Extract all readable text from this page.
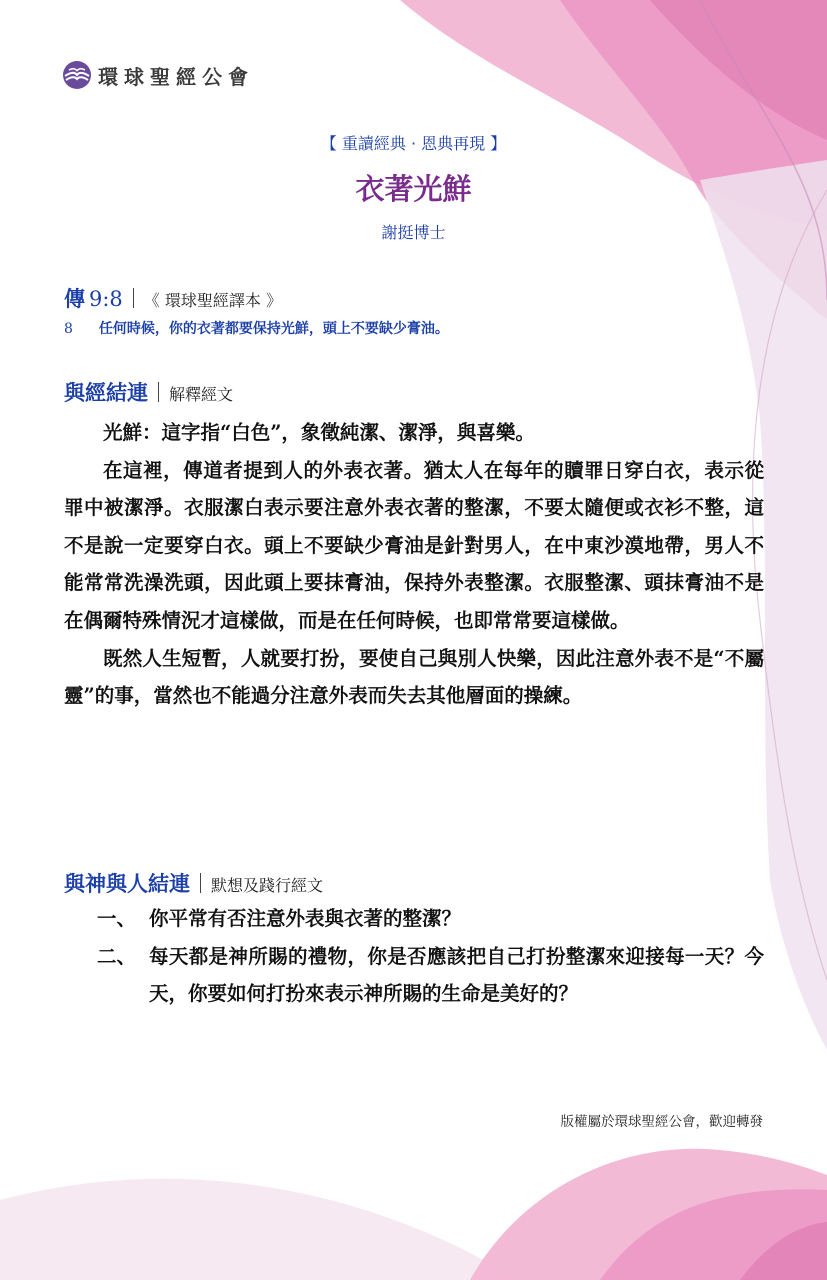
環球聖經公會
【 重讀經典 · 恩典再現 】
衣著光鮮
謝挺博士
傳 9:8 《 環球聖經譯本 》
8 任何時候，你的衣著都要保持光鮮，頭上不要缺少膏油。
與經結連 解釋經文

光鮮：這字指“白色”，象徵純潔、潔淨，與喜樂。

在這裡，傳道者提到人的外表衣著。猶太人在每年的贖罪日穿白衣，表示從罪中被潔淨。衣服潔白表示要注意外表衣著的整潔，不要太隨便或衣衫不整，這不是說一定要穿白衣。頭上不要缺少膏油是針對男人，在中東沙漠地帶，男人不能常常洗澡洗頭，因此頭上要抹膏油，保持外表整潔。衣服整潔、頭抹膏油不是在偶爾特殊情況才這樣做，而是在任何時候，也即常常要這樣做。

既然人生短暫，人就要打扮，要使自己與別人快樂，因此注意外表不是“不屬靈”的事，當然也不能過分注意外表而失去其他層面的操練。

與神與人結連 默想及踐行經文
一、 你平常有否注意外表與衣著的整潔？
二、 每天都是神所賜的禮物，你是否應該把自己打扮整潔來迎接每一天？今天，你要如何打扮來表示神所賜的生命是美好的？
版權屬於環球聖經公會，歡迎轉發
